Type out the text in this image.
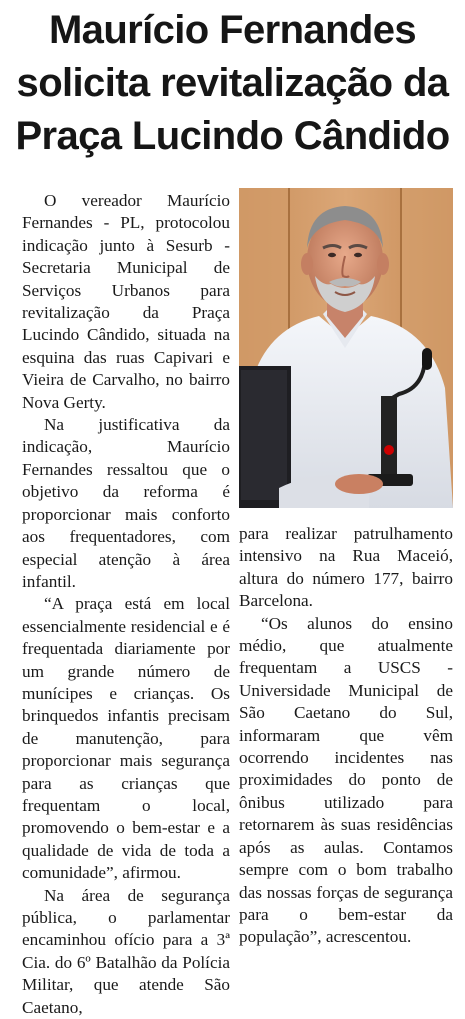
Maurício Fernandes
solicita revitalização da
Praça Lucindo Cândido

O vereador Maurício Fernandes - PL, protocolou indicação junto à Sesurb - Secretaria Municipal de Serviços Urbanos para revitalização da Praça Lucindo Cândido, situada na esquina das ruas Capivari e Vieira de Carvalho, no bairro Nova Gerty.

Na justificativa da indicação, Maurício Fernandes ressaltou que o objetivo da reforma é proporcionar mais conforto aos frequentadores, com especial atenção à área infantil.

“A praça está em local essencialmente residencial e é frequentada diariamente por um grande número de munícipes e crianças. Os brinquedos infantis precisam de manutenção, para proporcionar mais segurança para as crianças que frequentam o local, promovendo o bem-estar e a qualidade de vida de toda a comunidade”, afirmou.

Na área de segurança pública, o parlamentar encaminhou ofício para a 3ª Cia. do 6º Batalhão da Polícia Militar, que atende São Caetano,

para realizar patrulhamento intensivo na Rua Maceió, altura do número 177, bairro Barcelona.

“Os alunos do ensino médio, que atualmente frequentam a USCS - Universidade Municipal de São Caetano do Sul, informaram que vêm ocorrendo incidentes nas proximidades do ponto de ônibus utilizado para retornarem às suas residências após as aulas. Contamos sempre com o bom trabalho das nossas forças de segurança para o bem-estar da população”, acrescentou.
